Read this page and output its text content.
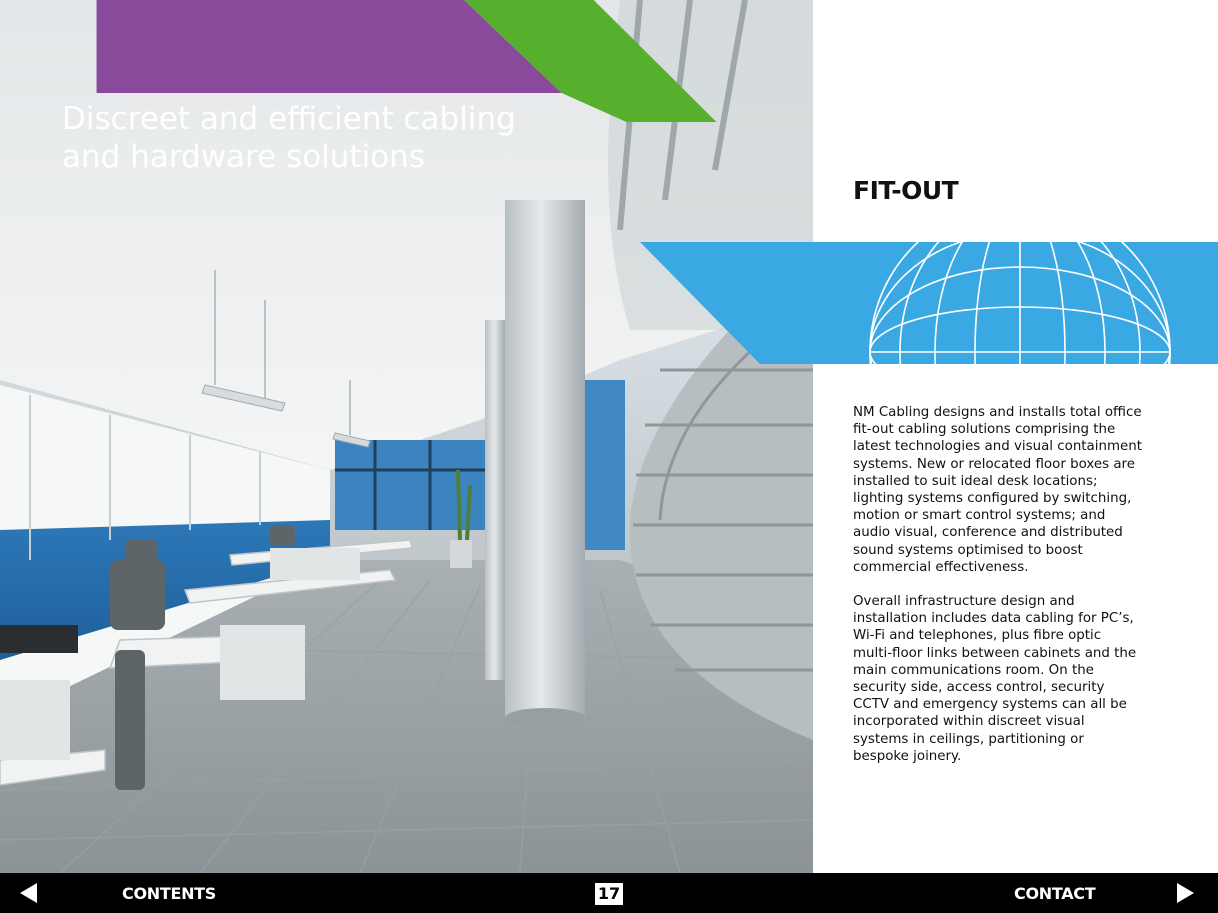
Discreet and efficient cabling
and hardware solutions
FIT-OUT

NM Cabling designs and installs total office fit-out cabling solutions comprising the latest technologies and visual containment systems. New or relocated floor boxes are installed to suit ideal desk locations; lighting systems configured by switching, motion or smart control systems; and audio visual, conference and distributed sound systems optimised to boost commercial effectiveness.

Overall infrastructure design and installation includes data cabling for PC’s, Wi-Fi and telephones, plus fibre optic multi-floor links between cabinets and the main communications room. On the security side, access control, security CCTV and emergency systems can all be incorporated within discreet visual systems in ceilings, partitioning or bespoke joinery.

CONTENTS	CONTACT
17
